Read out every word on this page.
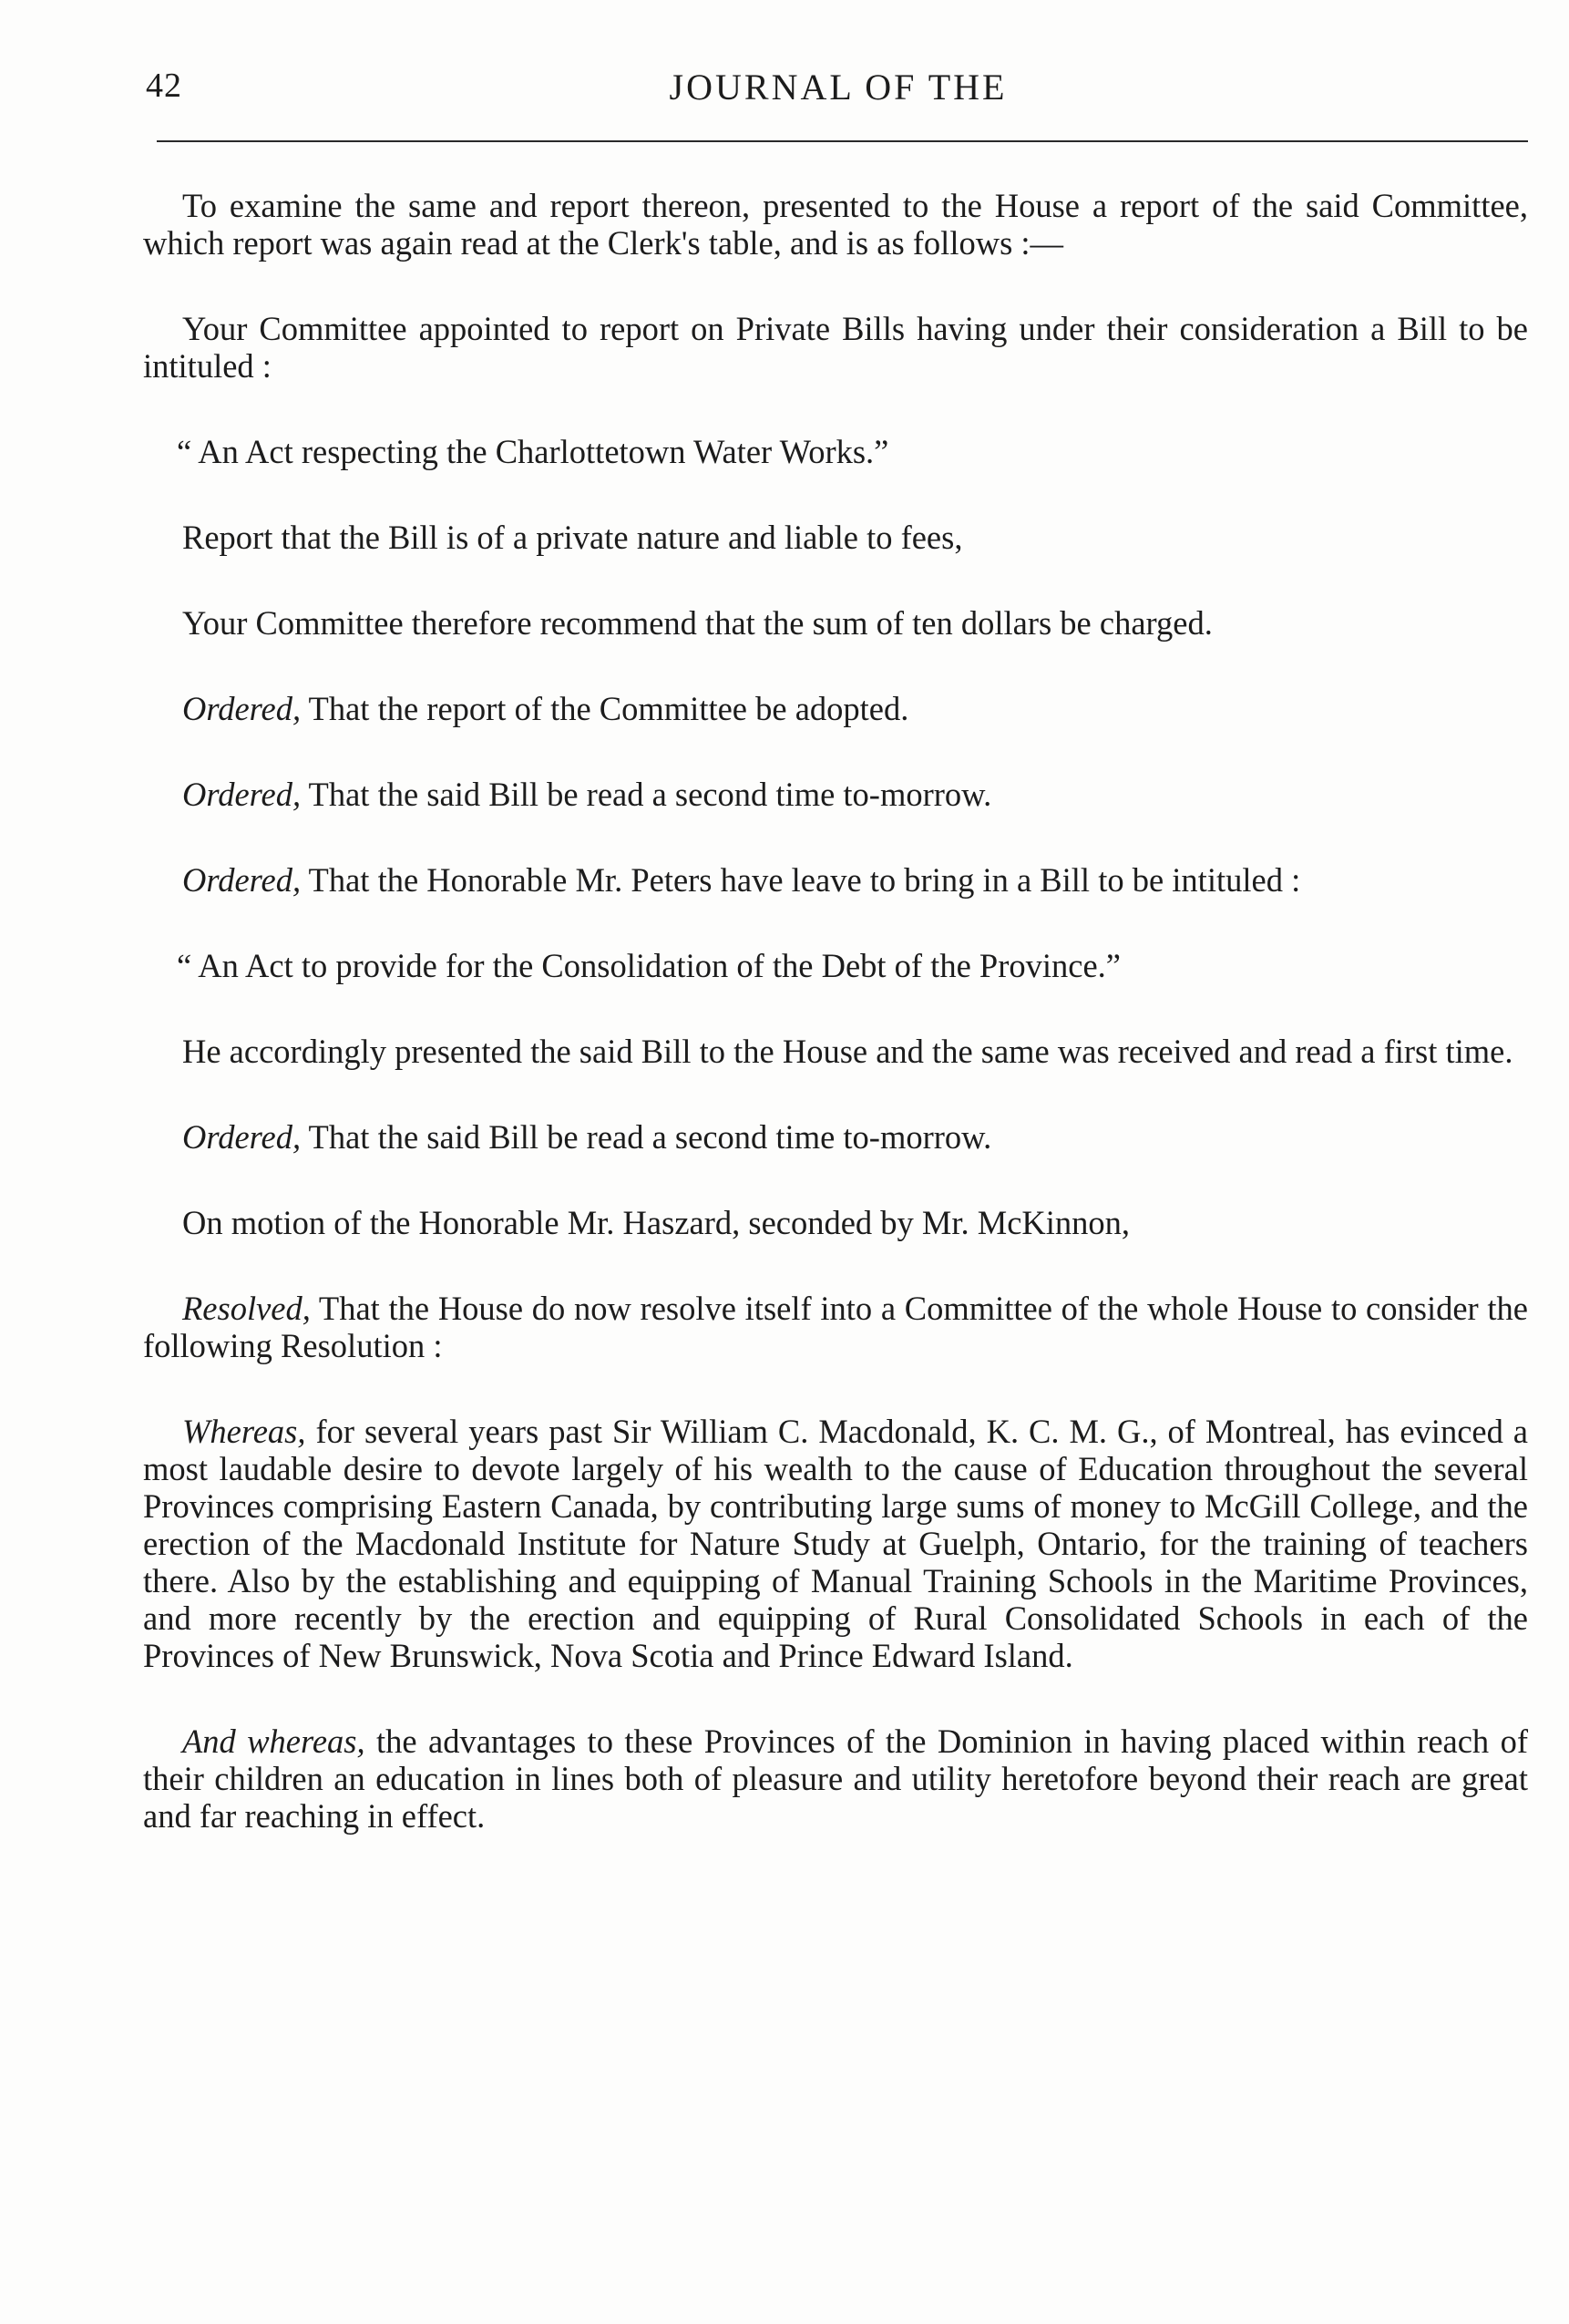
42	JOURNAL OF THE

To examine the same and report thereon, presented to the House a report of the said Committee, which report was again read at the Clerk's table, and is as follows :—

Your Committee appointed to report on Private Bills having under their consideration a Bill to be intituled :

“ An Act respecting the Charlottetown Water Works.”

Report that the Bill is of a private nature and liable to fees,

Your Committee therefore recommend that the sum of ten dollars be charged.

Ordered, That the report of the Committee be adopted.

Ordered, That the said Bill be read a second time to-morrow.

Ordered, That the Honorable Mr. Peters have leave to bring in a Bill to be intituled :

“ An Act to provide for the Consolidation of the Debt of the Province.”

He accordingly presented the said Bill to the House and the same was received and read a first time.

Ordered, That the said Bill be read a second time to-morrow.

On motion of the Honorable Mr. Haszard, seconded by Mr. McKinnon,

Resolved, That the House do now resolve itself into a Committee of the whole House to consider the following Resolution :

Whereas, for several years past Sir William C. Macdonald, K. C. M. G., of Montreal, has evinced a most laudable desire to devote largely of his wealth to the cause of Education throughout the several Provinces comprising Eastern Canada, by contributing large sums of money to McGill College, and the erection of the Macdonald Institute for Nature Study at Guelph, Ontario, for the training of teachers there. Also by the establishing and equipping of Manual Training Schools in the Maritime Provinces, and more recently by the erection and equipping of Rural Consolidated Schools in each of the Provinces of New Brunswick, Nova Scotia and Prince Edward Island.

And whereas, the advantages to these Provinces of the Dominion in having placed within reach of their children an education in lines both of pleasure and utility heretofore beyond their reach are great and far reaching in effect.
